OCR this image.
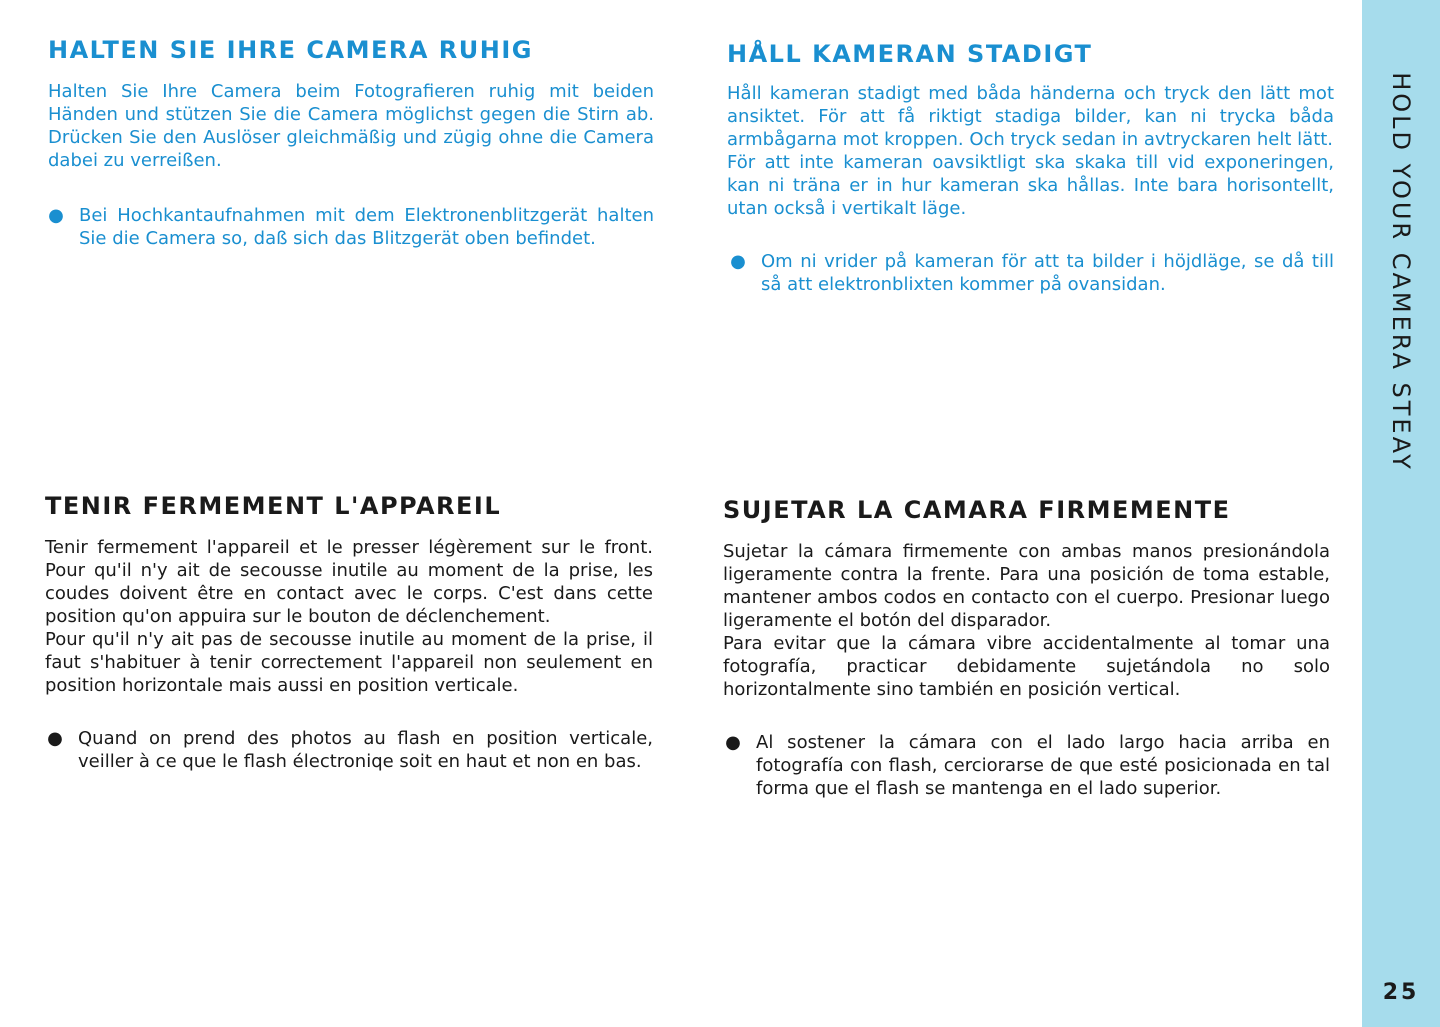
HALTEN SIE IHRE CAMERA RUHIG

Halten Sie Ihre Camera beim Fotografieren ruhig mit beiden Händen und stützen Sie die Camera möglichst gegen die Stirn ab. Drücken Sie den Auslöser gleichmäßig und zügig ohne die Camera dabei zu verreißen.

● Bei Hochkantaufnahmen mit dem Elektronenblitzgerät halten Sie die Camera so, daß sich das Blitzgerät oben befindet.
HÅLL KAMERAN STADIGT

Håll kameran stadigt med båda händerna och tryck den lätt mot ansiktet. För att få riktigt stadiga bilder, kan ni trycka båda armbågarna mot kroppen. Och tryck sedan in avtryckaren helt lätt.

För att inte kameran oavsiktligt ska skaka till vid exponeringen, kan ni träna er in hur kameran ska hållas. Inte bara horisontellt, utan också i vertikalt läge.

● Om ni vrider på kameran för att ta bilder i höjdläge, se då till så att elektronblixten kommer på ovansidan.
TENIR FERMEMENT L'APPAREIL

Tenir fermement l'appareil et le presser légèrement sur le front. Pour qu'il n'y ait de secousse inutile au moment de la prise, les coudes doivent être en contact avec le corps. C'est dans cette position qu'on appuira sur le bouton de déclenchement.

Pour qu'il n'y ait pas de secousse inutile au moment de la prise, il faut s'habituer à tenir correctement l'appareil non seulement en position horizontale mais aussi en position verticale.

● Quand on prend des photos au flash en position verticale, veiller à ce que le flash électroniqe soit en haut et non en bas.
SUJETAR LA CAMARA FIRMEMENTE

Sujetar la cámara firmemente con ambas manos presionándola ligeramente contra la frente. Para una posición de toma estable, mantener ambos codos en contacto con el cuerpo. Presionar luego ligeramente el botón del disparador.

Para evitar que la cámara vibre accidentalmente al tomar una fotografía, practicar debidamente sujetándola no solo horizontalmente sino también en posición vertical.

● Al sostener la cámara con el lado largo hacia arriba en fotografía con flash, cerciorarse de que esté posicionada en tal forma que el flash se mantenga en el lado superior.
HOLD YOUR CAMERA STEAY
25
